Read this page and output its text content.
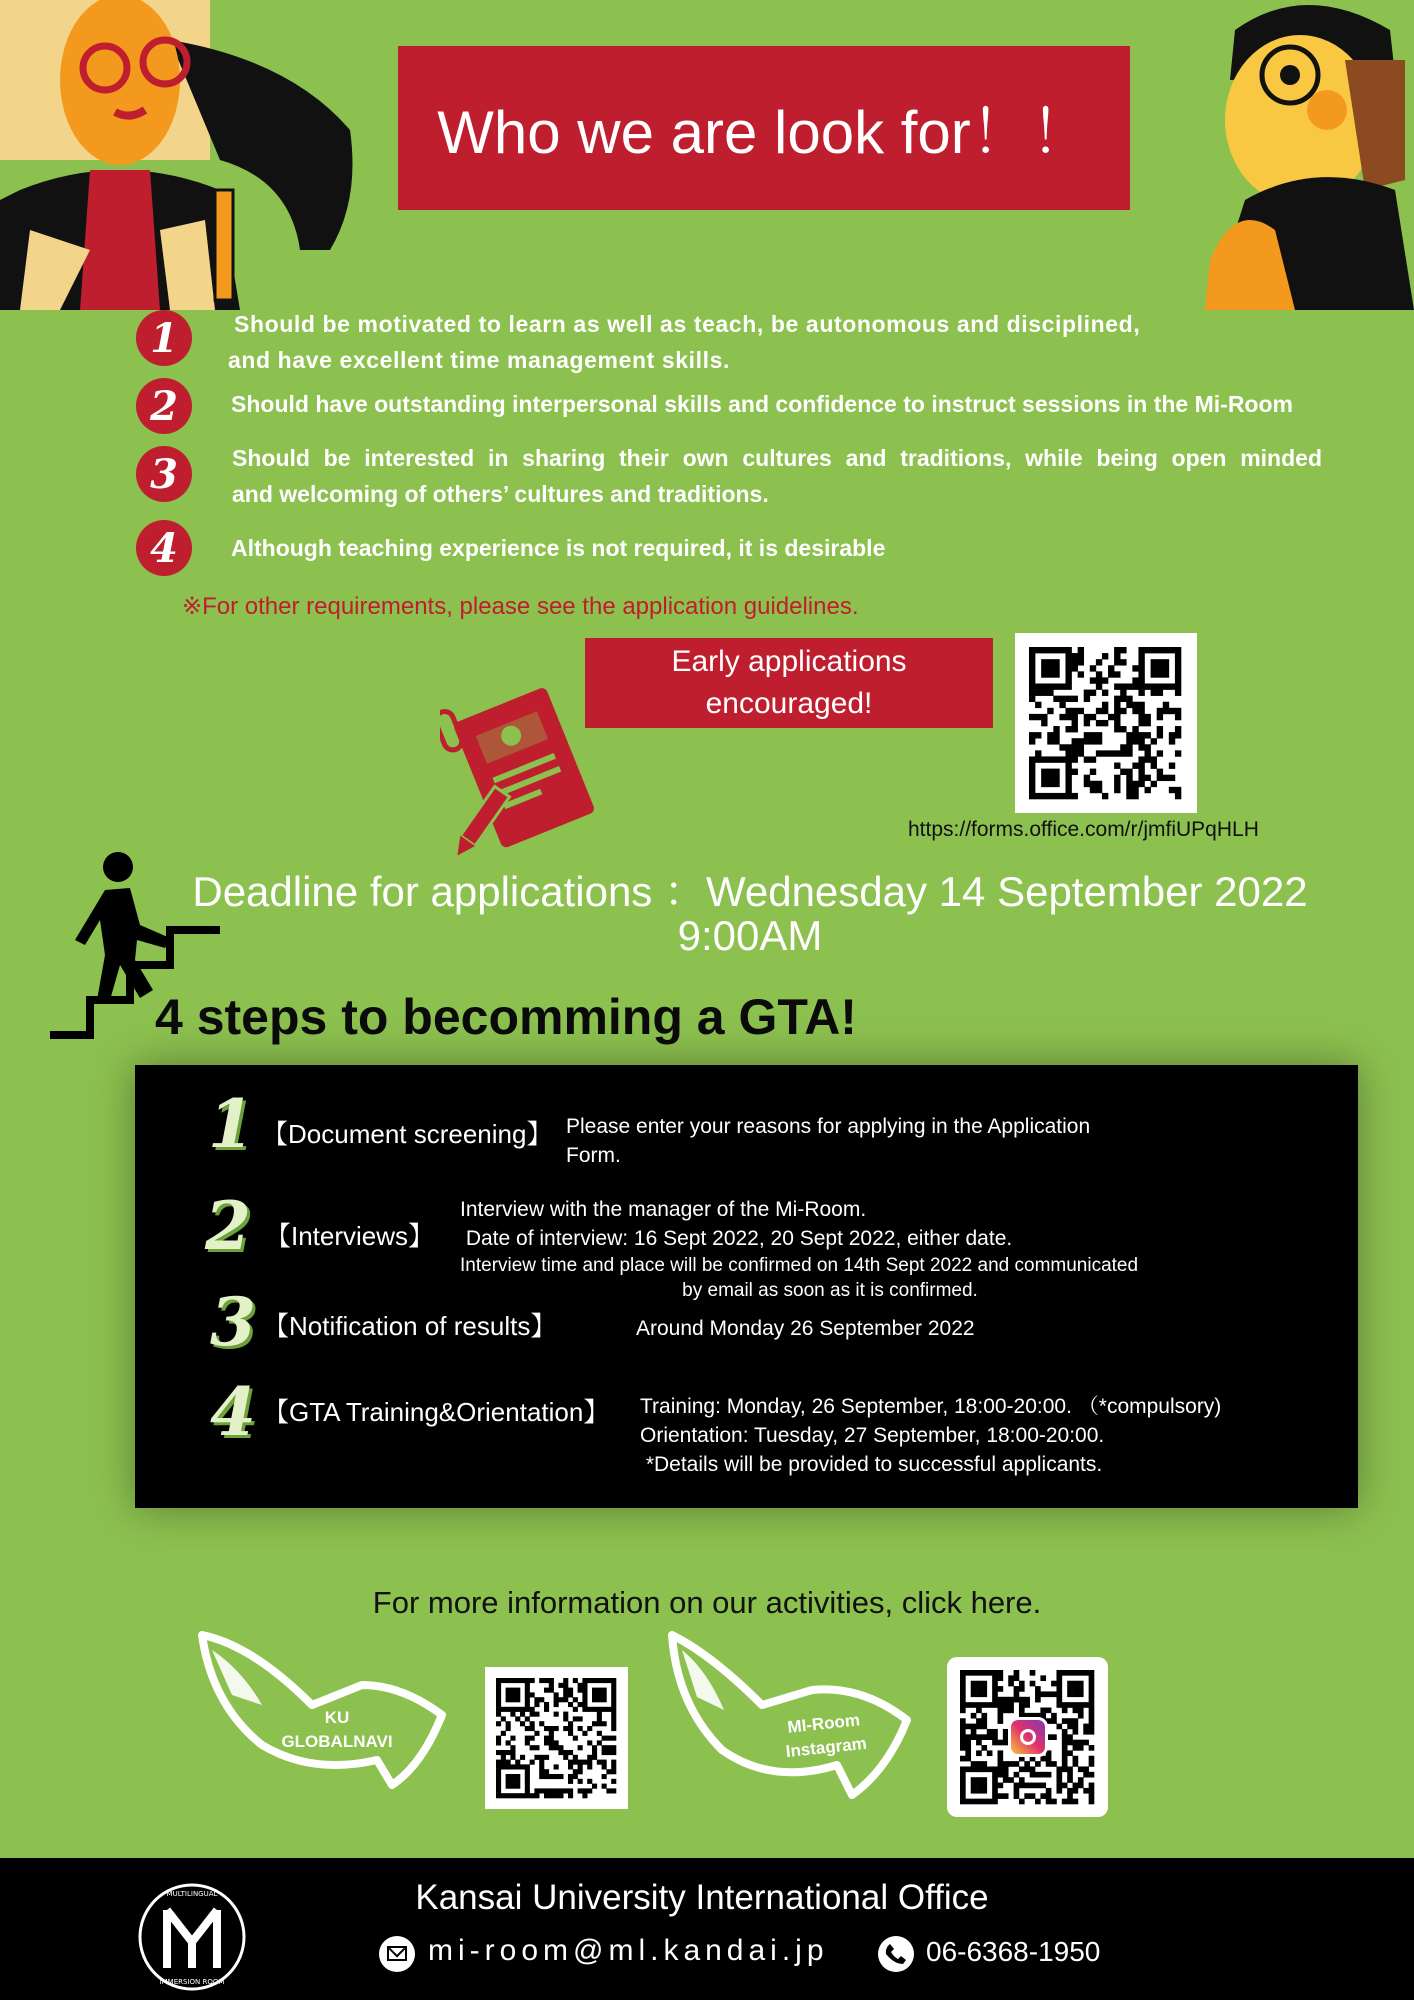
Who we are look for！！
1	Should be motivated to learn as well as teach, be autonomous and disciplined,
and have excellent time management skills.
2	Should have outstanding interpersonal skills and confidence to instruct sessions in the Mi-Room
3	Should be interested in sharing their own cultures and traditions, while being open minded
and welcoming of others’ cultures and traditions.
4	Although teaching experience is not required, it is desirable
※For other requirements, please see the application guidelines.
Early applications
encouraged!
https://forms.office.com/r/jmfiUPqHLH
Deadline for applications ：Wednesday 14 September 2022
9:00AM
4 steps to becomming a GTA!
1 【Document screening】 Please enter your reasons for applying in the Application
Form.
2 【Interviews】
Interview with the manager of the Mi-Room.
Date of interview: 16 Sept 2022, 20 Sept 2022, either date.
Interview time and place will be confirmed on 14th Sept 2022 and communicated
by email as soon as it is confirmed.
3 【Notification of results】	Around Monday 26 September 2022
4 【GTA Training&Orientation】 Training: Monday, 26 September, 18:00-20:00. （*compulsory)
Orientation: Tuesday, 27 September, 18:00-20:00.
*Details will be provided to successful applicants.
For more information on our activities, click here.
KU
GLOBALNAVI
MI-Room
Instagram
MULTILINGUAL
IMMERSION ROOM
Kansai University International Office
mi-room@ml.kandai.jp	06-6368-1950
